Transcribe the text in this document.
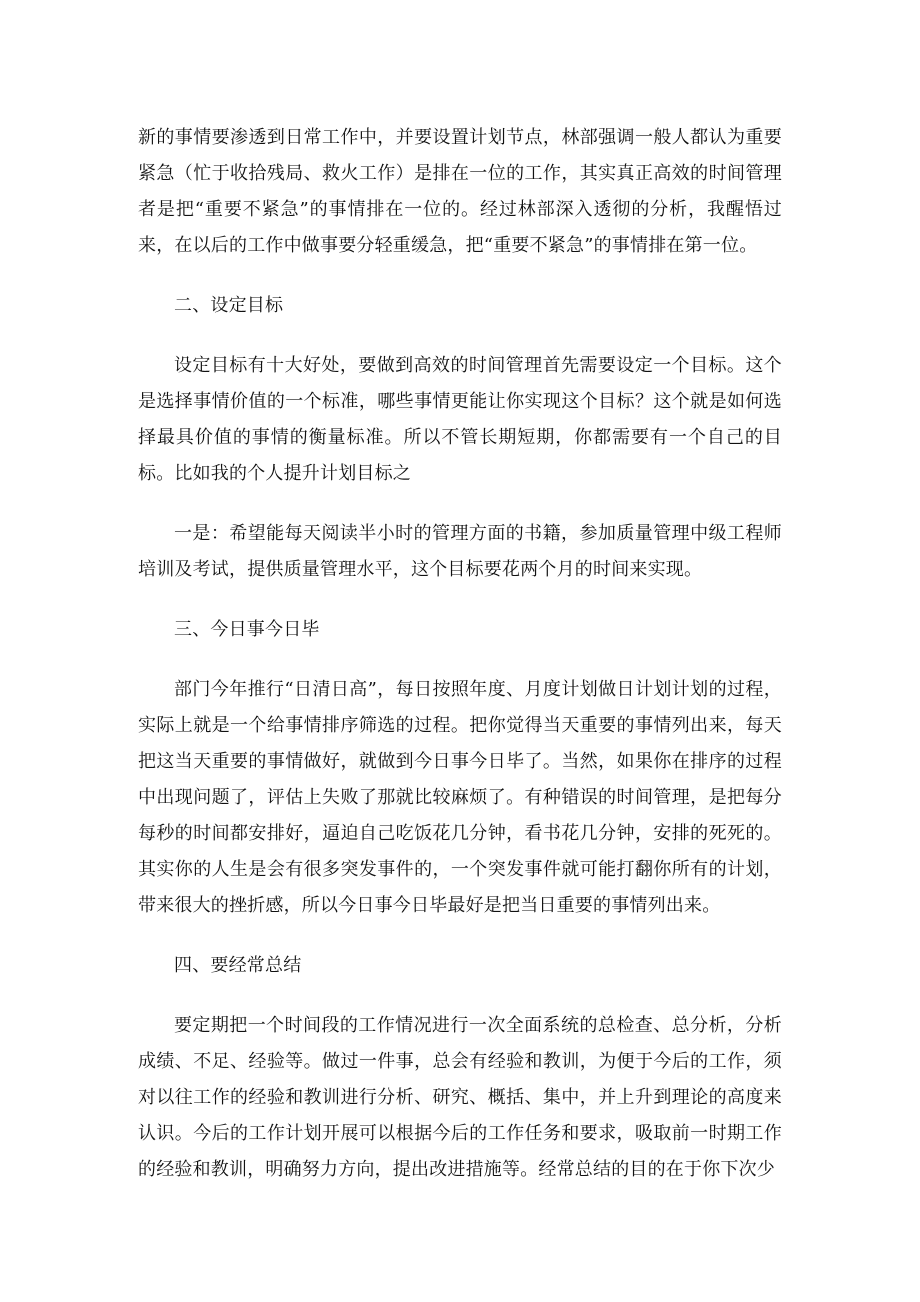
新的事情要渗透到日常工作中，并要设置计划节点，林部强调一般人都认为重要紧急（忙于收拾残局、救火工作）是排在一位的工作，其实真正高效的时间管理者是把“重要不紧急”的事情排在一位的。经过林部深入透彻的分析，我醒悟过来，在以后的工作中做事要分轻重缓急，把“重要不紧急”的事情排在第一位。

二、设定目标

设定目标有十大好处，要做到高效的时间管理首先需要设定一个目标。这个是选择事情价值的一个标准，哪些事情更能让你实现这个目标？这个就是如何选择最具价值的事情的衡量标准。所以不管长期短期，你都需要有一个自己的目标。比如我的个人提升计划目标之

一是：希望能每天阅读半小时的管理方面的书籍，参加质量管理中级工程师培训及考试，提供质量管理水平，这个目标要花两个月的时间来实现。

三、今日事今日毕

部门今年推行“日清日高”，每日按照年度、月度计划做日计划计划的过程，实际上就是一个给事情排序筛选的过程。把你觉得当天重要的事情列出来，每天把这当天重要的事情做好，就做到今日事今日毕了。当然，如果你在排序的过程中出现问题了，评估上失败了那就比较麻烦了。有种错误的时间管理，是把每分每秒的时间都安排好，逼迫自己吃饭花几分钟，看书花几分钟，安排的死死的。其实你的人生是会有很多突发事件的，一个突发事件就可能打翻你所有的计划，带来很大的挫折感，所以今日事今日毕最好是把当日重要的事情列出来。

四、要经常总结

要定期把一个时间段的工作情况进行一次全面系统的总检查、总分析，分析成绩、不足、经验等。做过一件事，总会有经验和教训，为便于今后的工作，须对以往工作的经验和教训进行分析、研究、概括、集中，并上升到理论的高度来认识。今后的工作计划开展可以根据今后的工作任务和要求，吸取前一时期工作的经验和教训，明确努力方向，提出改进措施等。经常总结的目的在于你下次少
